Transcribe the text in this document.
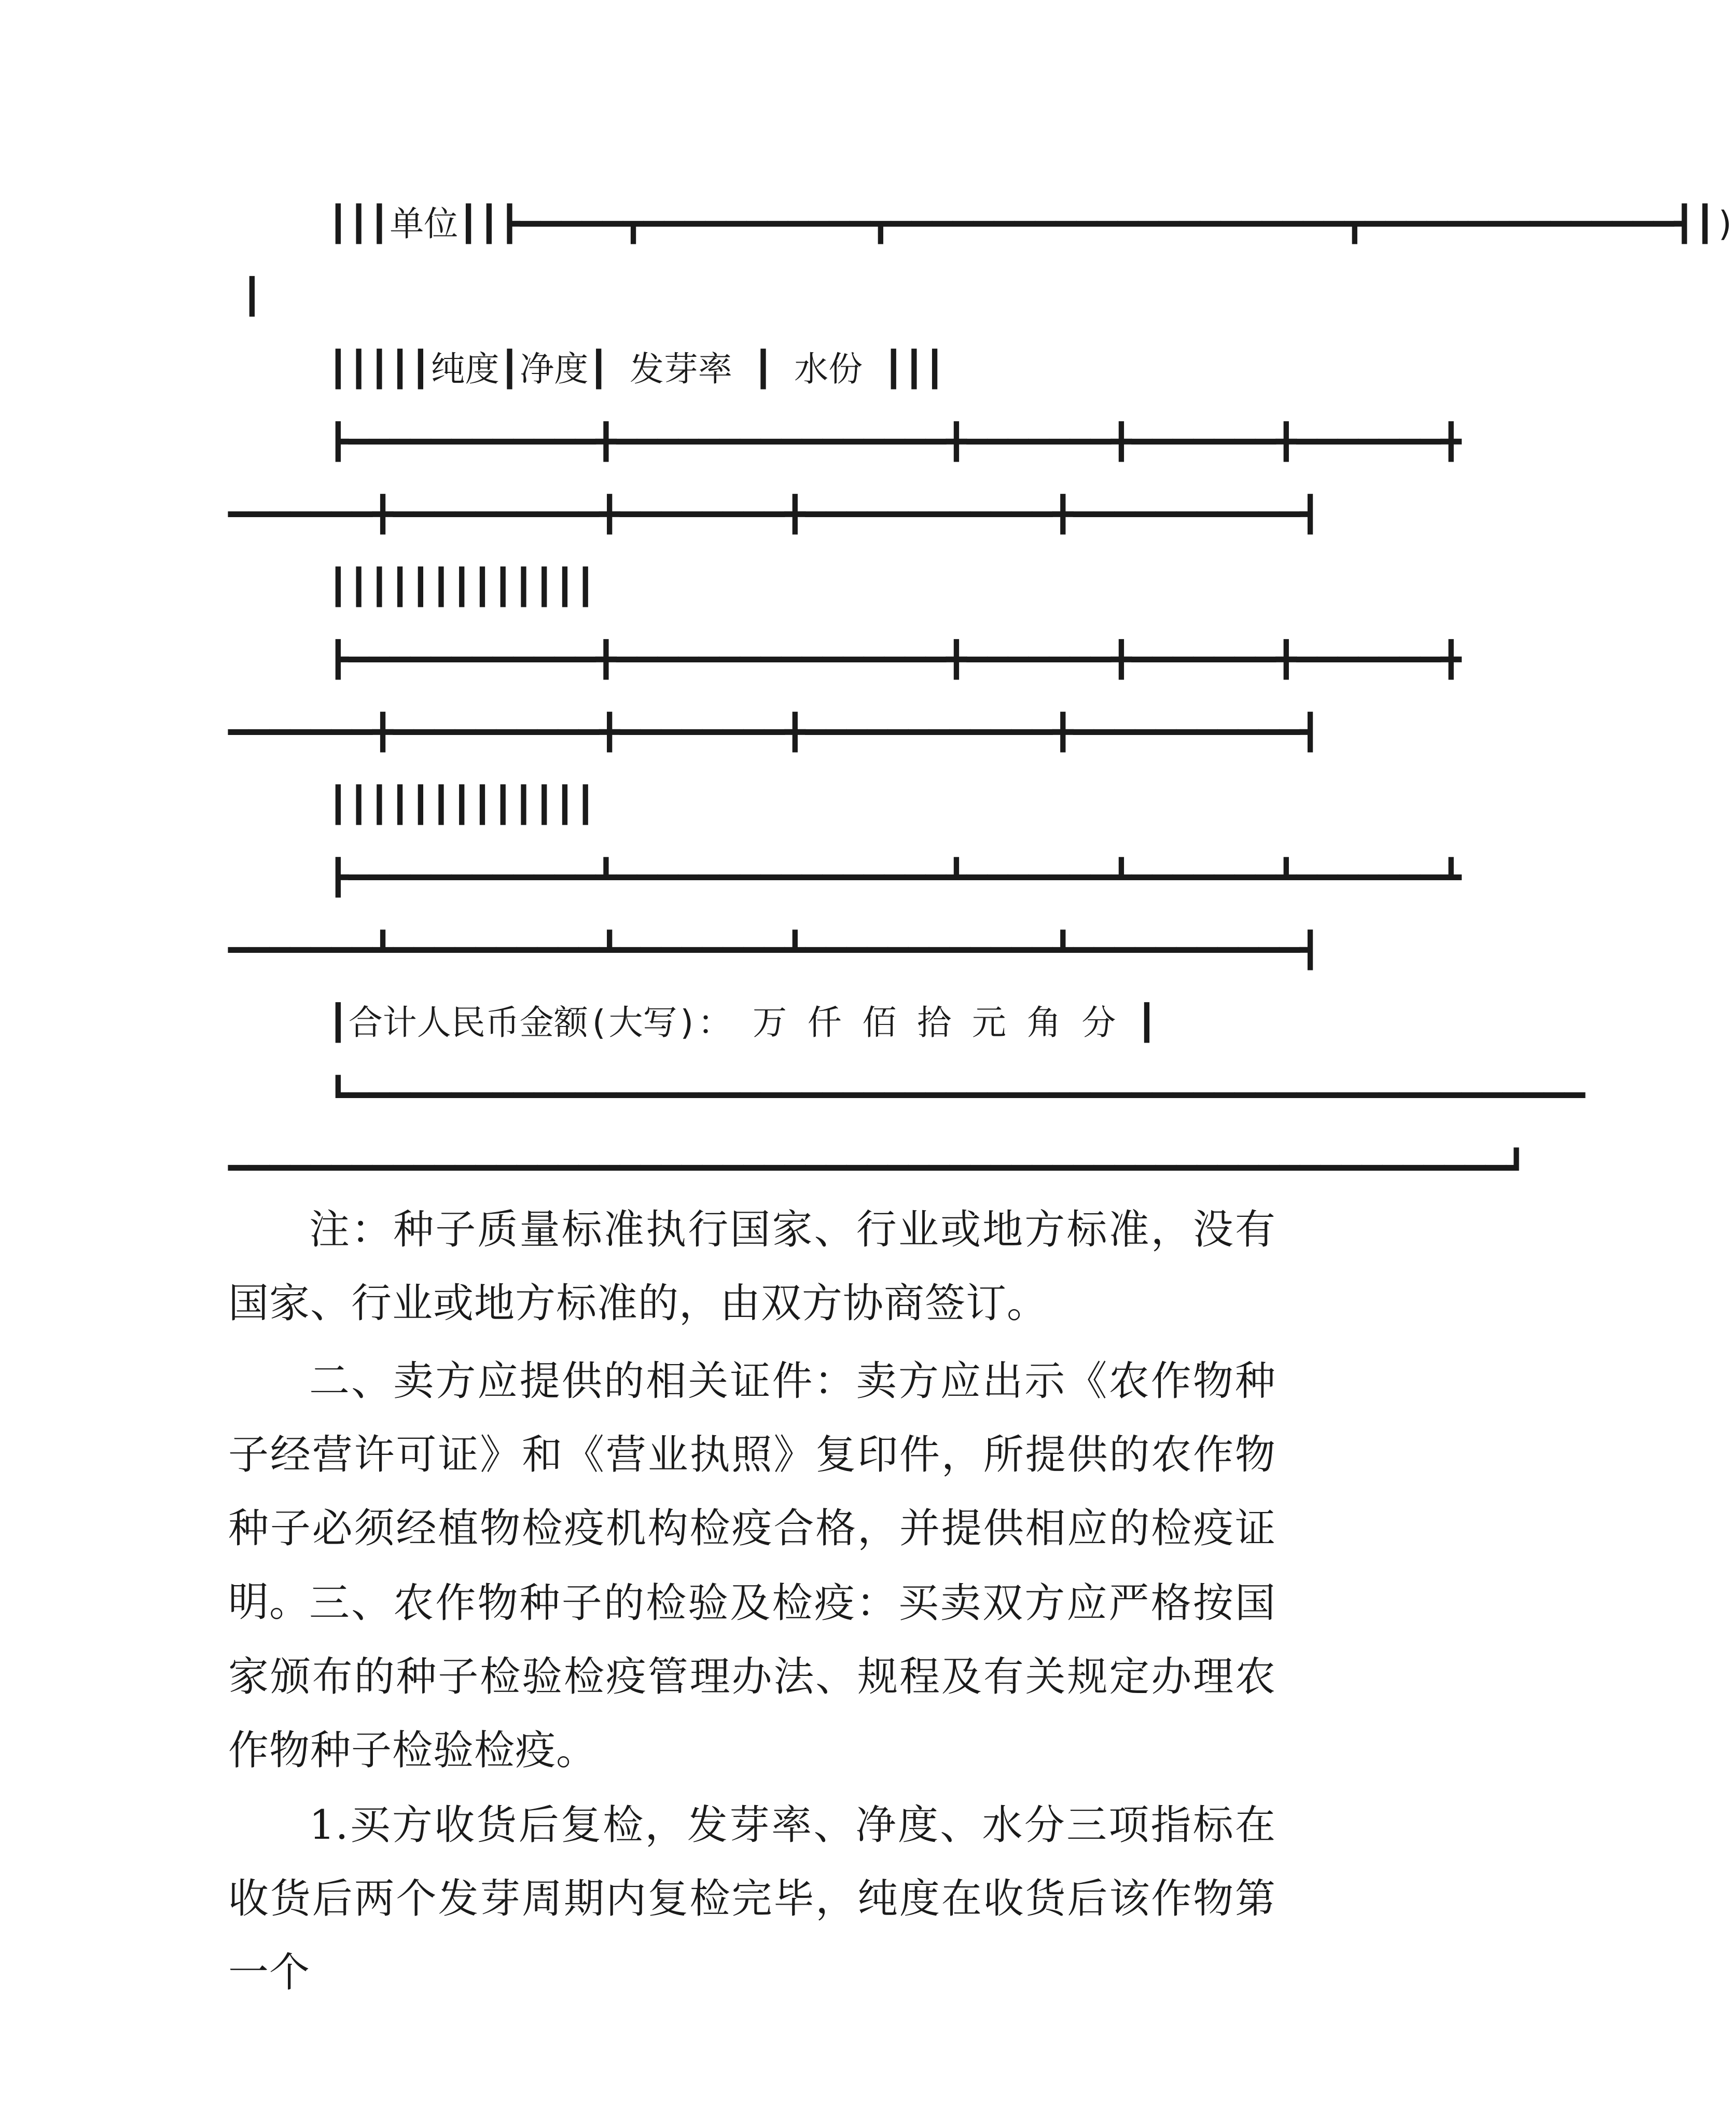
┃┃┃单位┃┃┣━━━━━┳━━━━━━━━━━━┳━━━━━━━━━━━━━━━━━━━━━━┳━━━━━━━━━━━━━━━┫┃)
┃
┃┃┃┃┃纯度┃净度┃ 发芽率 ┃ 水份 ┃┃┃
┣━━━━━━━━━━━━╋━━━━━━━━━━━━━━━━╋━━━━━━━╋━━━━━━━╋━━━━━━━╋
━━━━━━━╋━━━━━━━━━━╋━━━━━━━━╋━━━━━━━━━━━━╋━━━━━━━━━━━┫
┃┃┃┃┃┃┃┃┃┃┃┃┃
┣━━━━━━━━━━━━╋━━━━━━━━━━━━━━━━╋━━━━━━━╋━━━━━━━╋━━━━━━━╋
━━━━━━━╋━━━━━━━━━━╋━━━━━━━━╋━━━━━━━━━━━━╋━━━━━━━━━━━┫
┃┃┃┃┃┃┃┃┃┃┃┃┃
┣━━━━━━━━━━━━┻━━━━━━━━━━━━━━━━┻━━━━━━━┻━━━━━━━┻━━━━━━━┻
━━━━━━━┻━━━━━━━━━━┻━━━━━━━━┻━━━━━━━━━━━━┻━━━━━━━━━━━┫
┃合计人民币金额(大写)： 万 仟 佰 拾 元 角 分 ┃
┗━━━━━━━━━━━━━━━━━━━━━━━━━━━━━━━━━━━━━━━━━━━━━━━━━━━━━━━━━━━━
━━━━━━━━━━━━━━━━━━━━━━━━━━━━━━━━━━━━━━━━━━━━━━━━━━━━━━━━━━━━━━┛
注：种子质量标准执行国家、行业或地方标准，没有国家、行业或地方标准的，由双方协商签订。
二、卖方应提供的相关证件：卖方应出示《农作物种子经营许可证》和《营业执照》复印件，所提供的农作物种子必须经植物检疫机构检疫合格，并提供相应的检疫证明。
三、农作物种子的检验及检疫：买卖双方应严格按国家颁布的种子检验检疫管理办法、规程及有关规定办理农作物种子检验检疫。
1.买方收货后复检，发芽率、净度、水分三项指标在收货后两个发芽周期内复检完毕，纯度在收货后该作物第一个
